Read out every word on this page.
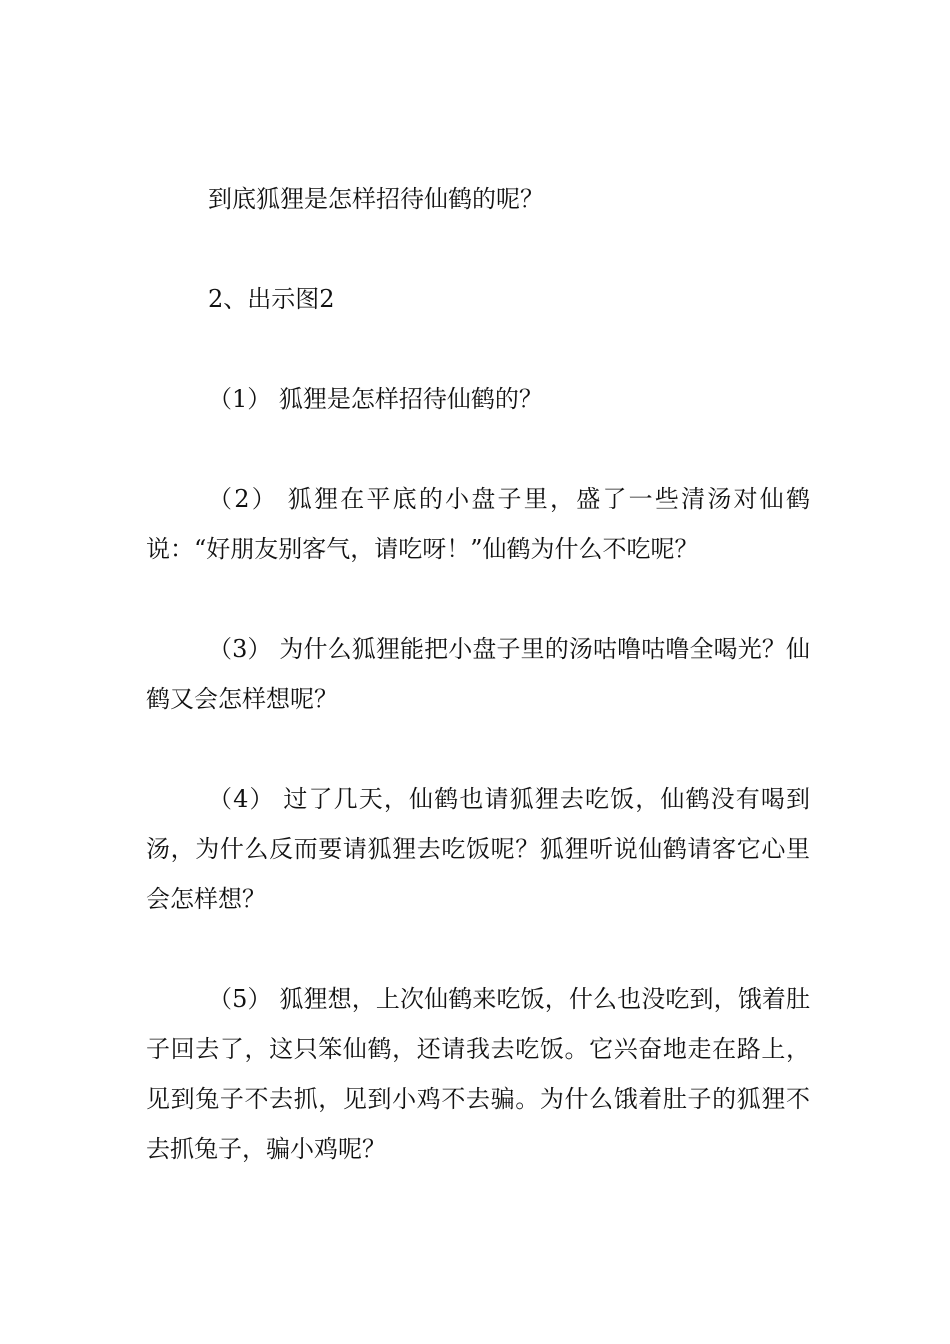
到底狐狸是怎样招待仙鹤的呢？

2、出示图2

（1） 狐狸是怎样招待仙鹤的？

（2） 狐狸在平底的小盘子里，盛了一些清汤对仙鹤说：“好朋友别客气，请吃呀！”仙鹤为什么不吃呢？

（3） 为什么狐狸能把小盘子里的汤咕噜咕噜全喝光？仙鹤又会怎样想呢？

（4） 过了几天，仙鹤也请狐狸去吃饭，仙鹤没有喝到汤，为什么反而要请狐狸去吃饭呢？狐狸听说仙鹤请客它心里会怎样想？

（5） 狐狸想，上次仙鹤来吃饭，什么也没吃到，饿着肚子回去了，这只笨仙鹤，还请我去吃饭。它兴奋地走在路上，见到兔子不去抓，见到小鸡不去骗。为什么饿着肚子的狐狸不去抓兔子，骗小鸡呢？
